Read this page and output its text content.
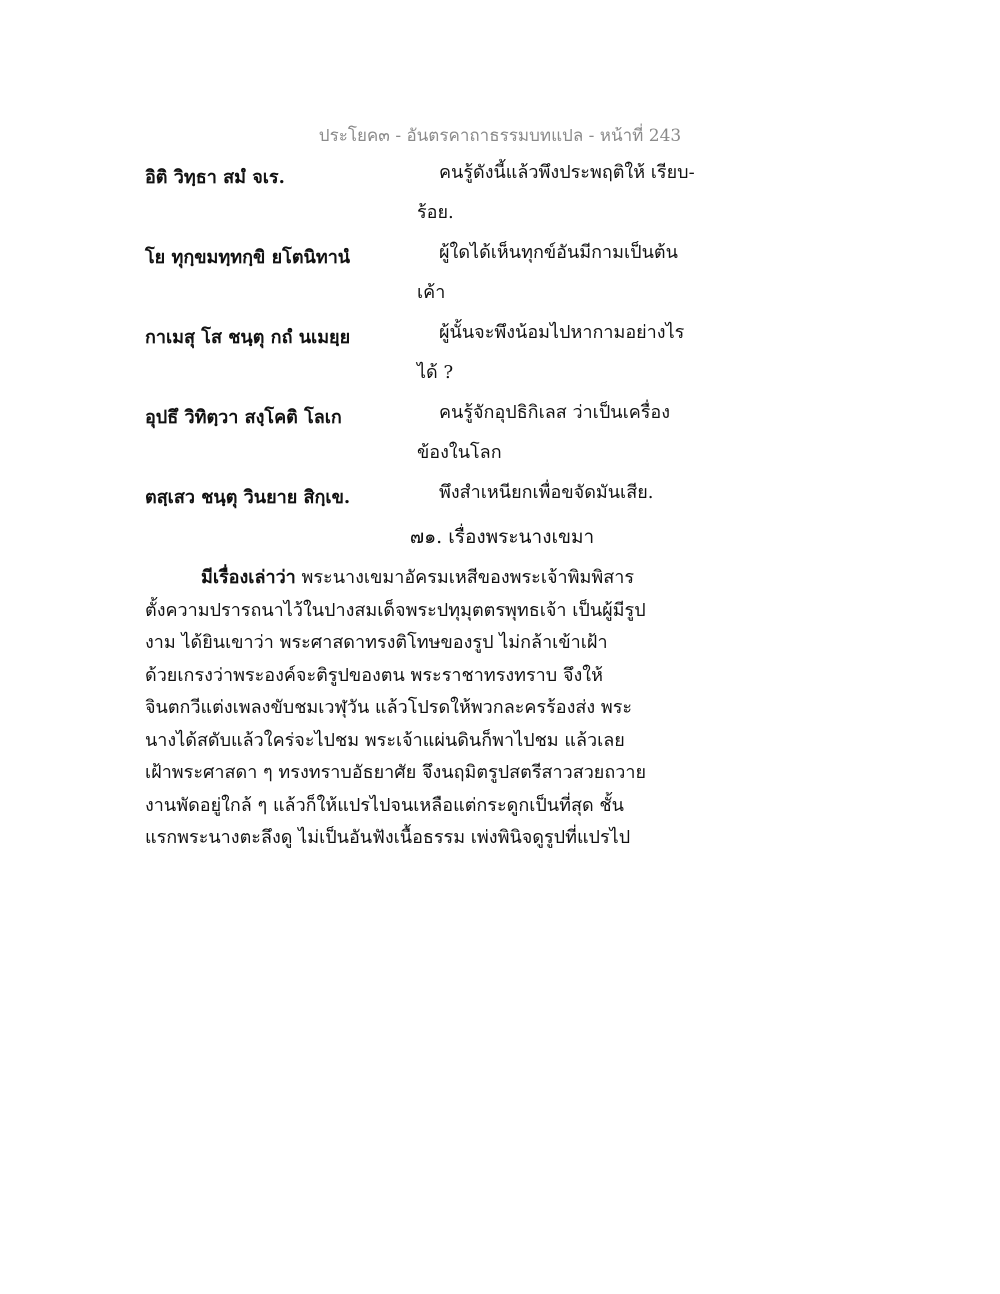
ประโยค๓ - อันตรคาถาธรรมบทแปล - หน้าที่ 243
อิติ วิทฺธา สมํ จเร.	คนรู้ดังนี้แล้วพึงประพฤติให้ เรียบ-
ร้อย.
โย ทุกฺขมทฺทกฺขิ ยโตนิทานํ	ผู้ใดได้เห็นทุกข์อันมีกามเป็นต้น
เค้า
กาเมสุ โส ชนฺตุ กถํ นเมยฺย	ผู้นั้นจะพึงน้อมไปหากามอย่างไร
ได้ ?
อุปธึ วิทิตฺวา สงฺโคติ โลเก	คนรู้จักอุปธิกิเลส ว่าเป็นเครื่อง
ข้องในโลก
ตสฺเสว ชนฺตุ วินยาย สิกฺเข.	พึงสำเหนียกเพื่อขจัดมันเสีย.
๗๑. เรื่องพระนางเขมา
มีเรื่องเล่าว่า พระนางเขมาอัครมเหสีของพระเจ้าพิมพิสาร
ตั้งความปรารถนาไว้ในปางสมเด็จพระปทุมุตตรพุทธเจ้า เป็นผู้มีรูป
งาม ได้ยินเขาว่า พระศาสดาทรงติโทษของรูป ไม่กล้าเข้าเฝ้า
ด้วยเกรงว่าพระองค์จะติรูปของตน พระราชาทรงทราบ จึงให้
จินตกวีแต่งเพลงขับชมเวฬุวัน แล้วโปรดให้พวกละครร้องส่ง พระ
นางได้สดับแล้วใคร่จะไปชม พระเจ้าแผ่นดินก็พาไปชม แล้วเลย
เฝ้าพระศาสดา ๆ ทรงทราบอัธยาศัย จึงนฤมิตรูปสตรีสาวสวยถวาย
งานพัดอยู่ใกล้ ๆ แล้วก็ให้แปรไปจนเหลือแต่กระดูกเป็นที่สุด ชั้น
แรกพระนางตะลึงดู ไม่เป็นอันฟังเนื้อธรรม เพ่งพินิจดูรูปที่แปรไป
